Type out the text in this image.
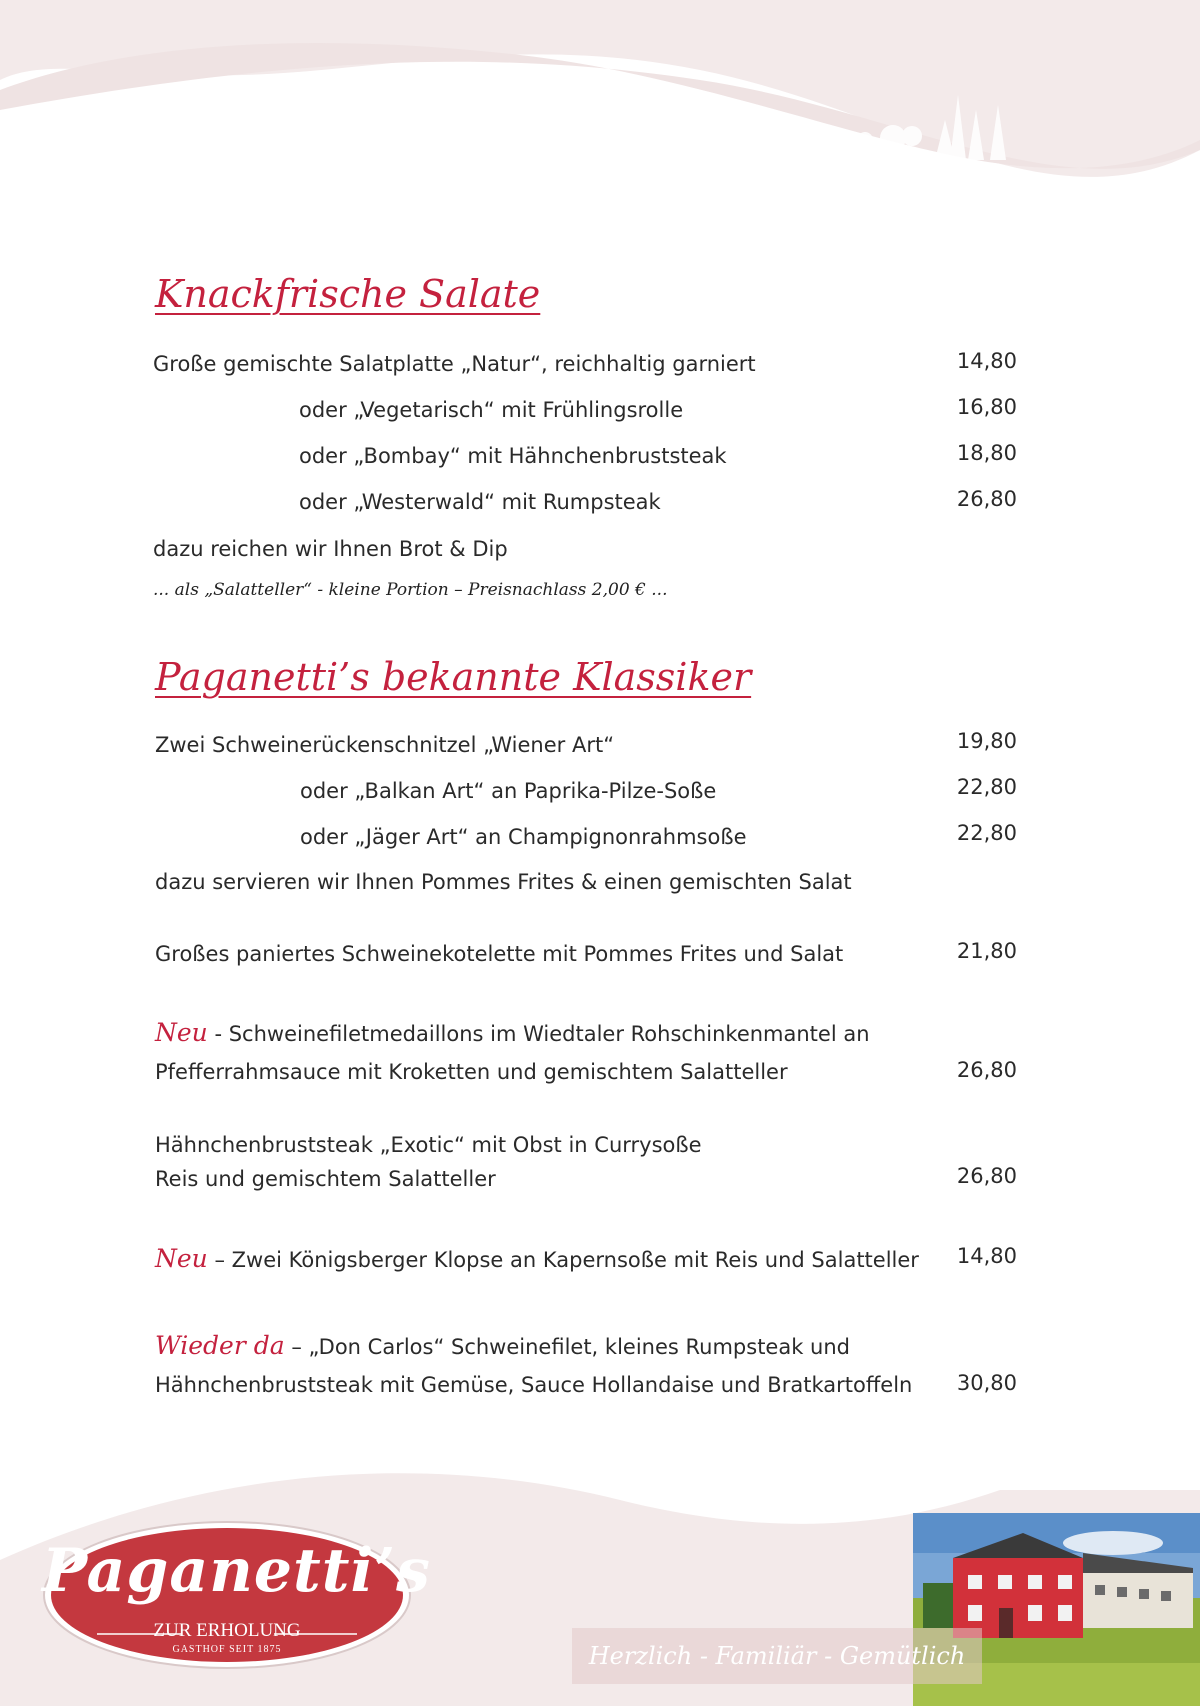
Knackfrische Salate
Große gemischte Salatplatte „Natur“, reichhaltig garniert	14,80
oder „Vegetarisch“ mit Frühlingsrolle	16,80
oder „Bombay“ mit Hähnchenbruststeak	18,80
oder „Westerwald“ mit Rumpsteak	26,80
dazu reichen wir Ihnen Brot & Dip
... als „Salatteller“ - kleine Portion – Preisnachlass 2,00 € ...
Paganetti’s bekannte Klassiker
Zwei Schweinerückenschnitzel „Wiener Art“	19,80
oder „Balkan Art“ an Paprika-Pilze-Soße	22,80
oder „Jäger Art“ an Champignonrahmsoße	22,80
dazu servieren wir Ihnen Pommes Frites & einen gemischten Salat
Großes paniertes Schweinekotelette mit Pommes Frites und Salat	21,80
Neu - Schweinefiletmedaillons im Wiedtaler Rohschinkenmantel an
Pfefferrahmsauce mit Kroketten und gemischtem Salatteller	26,80
Hähnchenbruststeak „Exotic“ mit Obst in Currysoße
Reis und gemischtem Salatteller	26,80
Neu – Zwei Königsberger Klopse an Kapernsoße mit Reis und Salatteller 14,80
Wieder da – „Don Carlos“ Schweinefilet, kleines Rumpsteak und
Hähnchenbruststeak mit Gemüse, Sauce Hollandaise und Bratkartoffeln 30,80
Paganetti’s
ZUR ERHOLUNG
GASTHOF SEIT 1875	Herzlich - Familiär - Gemütlich
